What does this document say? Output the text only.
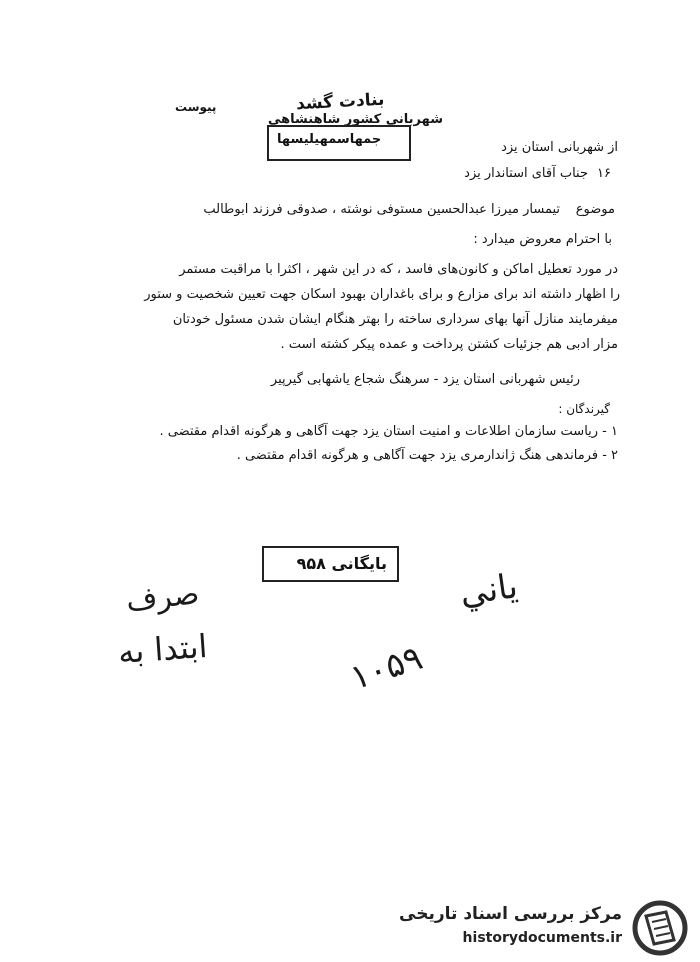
بنادت گشد
پیوست
شهربانی کشور شاهنشاهی
جمهاسمهیلیسها
از شهربانی استان یزد
۱۶
جناب آقای استاندار یزد
موضوع
تیمسار میرزا عبدالحسین مستوفی نوشته ، صدوقی فرزند ابوطالب
با احترام معروض میدارد :
در مورد تعطیل اماکن و کانون‌های فاسد ، که در این شهر ، اکثرا با مراقبت مستمر
را اظهار داشته اند برای مزارع و برای باغداران بهبود اسکان جهت تعیین شخصیت و ستور
میفرمایند منازل آنها بهای سرداری ساخته را بهتر هنگام ایشان شدن مسئول خودتان
مزار ادبی هم جزئیات کشتن پرداخت و عمده پیکر کشته است .
رئیس شهربانی استان یزد - سرهنگ شجاع یاشهابی گیرپیر
گیرندگان :
۱ - ریاست سازمان اطلاعات و امنیت استان یزد جهت آگاهی و هرگونه اقدام مقتضی .
۲ - فرماندهی هنگ ژاندارمری یزد جهت آگاهی و هرگونه اقدام مقتضی .
بایگانی ۹۵۸
ياني
صرف
ابتدا به	۱۰۵۹
مرکز بررسی اسناد تاریخی
historydocuments.ir
